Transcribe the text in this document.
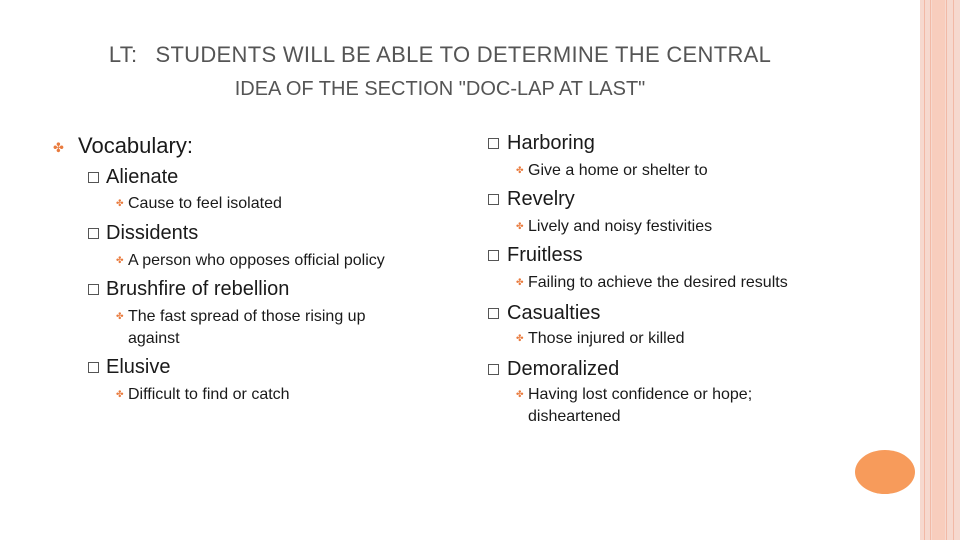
LT: STUDENTS WILL BE ABLE TO DETERMINE THE CENTRAL
IDEA OF THE SECTION "DOC-LAP AT LAST"
✤ Vocabulary:
Alienate
✤ Cause to feel isolated
Dissidents
✤ A person who opposes official policy
Brushfire of rebellion
✤ The fast spread of those rising up
against
Elusive
✤ Difficult to find or catch
Harboring
✤ Give a home or shelter to
Revelry
✤ Lively and noisy festivities
Fruitless
✤ Failing to achieve the desired results
Casualties
✤ Those injured or killed
Demoralized
✤ Having lost confidence or hope;
disheartened
